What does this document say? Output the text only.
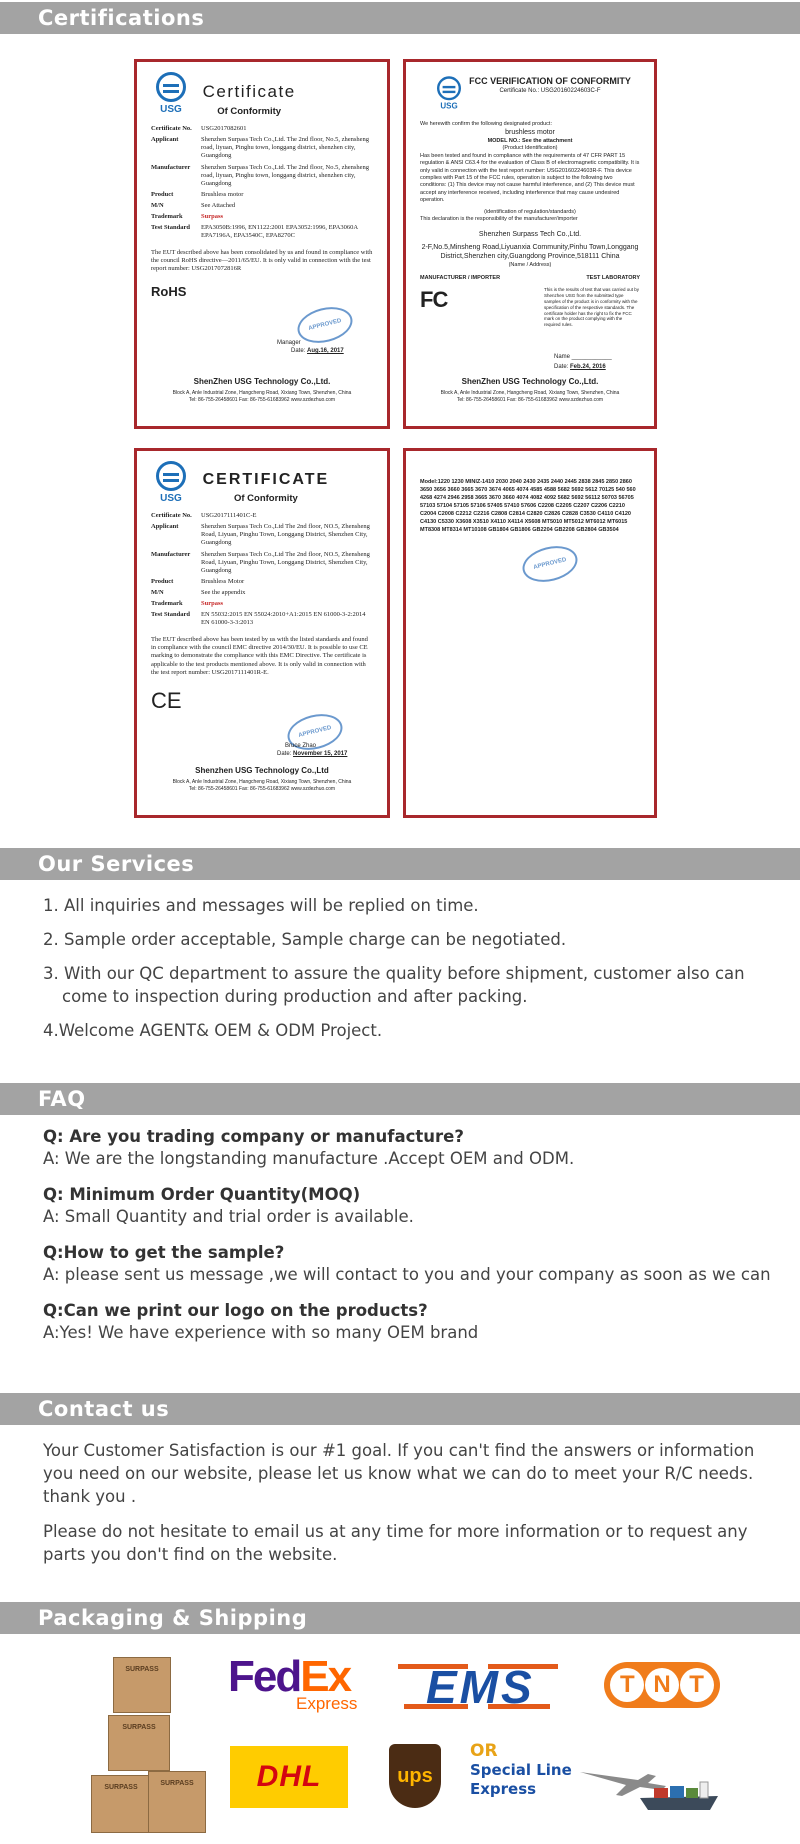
Certifications
USG

Certificate
Of Conformity
Certificate No.	USG2017082601
Applicant	Shenzhen Surpass Tech Co.,Ltd. The 2nd floor, No.5, zhensheng road, liyuan, Pinghu town, longgang district, shenzhen city, Guangdong
Manufacturer	Shenzhen Surpass Tech Co.,Ltd. The 2nd floor, No.5, zhensheng road, liyuan, Pinghu town, longgang district, shenzhen city, Guangdong
Product	Brushless motor
M/N	See Attached
Trademark	Surpass
Test Standard	EPA3050B:1996, EN1122:2001 EPA3052:1996, EPA3060A EPA7196A, EPA3540C, EPA8270C
The EUT described above has been consolidated by us and found in compliance with the council RoHS directive—2011/65/EU. It is only valid in connection with the test report number: USG2017072816R
RoHS
APPROVED
Manager
Date: Aug.16, 2017
ShenZhen USG Technology Co.,Ltd.
Block A, Anle Industrial Zone, Hangcheng Road, Xixiang Town, Shenzhen, China
Tel: 86-755-26458601 Fax: 86-755-61683962 www.szdezhuo.com
USG
FCC VERIFICATION OF CONFORMITY
Certificate No.: USG20160224603C-F
We herewith confirm the following designated product:
brushless motor
MODEL NO.: See the attachment
(Product Identification)
Has been tested and found in compliance with the requirements of 47 CFR PART 15 regulation & ANSI C63.4 for the evaluation of Class B of electromagnetic compatibility. It is only valid in connection with the test report number: USG20160224603R-F. This device complies with Part 15 of the FCC rules, operation is subject to the following two conditions: (1) This device may not cause harmful interference, and (2) This device must accept any interference received, including interference that may cause undesired operation.
(identification of regulation/standards)
This declaration is the responsibility of the manufacturer/importer
Shenzhen Surpass Tech Co.,Ltd.
2-F,No.5,Minsheng Road,Liyuanxia Community,Pinhu Town,Longgang District,Shenzhen city,Guangdong Province,518111 China
(Name / Address)
MANUFACTURER / IMPORTER	TEST LABORATORY
FC	This is the results of test that was carried out by Shenzhen USG from the submitted type samples of the product is in conformity with the specification of the respective standards. The certificate holder has the right to fix the FCC mark on the product complying with the required rules.
Name ____________
Date: Feb.24, 2016
ShenZhen USG Technology Co.,Ltd.
Block A, Anle Industrial Zone, Hangcheng Road, Xixiang Town, Shenzhen, China
Tel: 86-755-26458601 Fax: 86-755-61683962 www.szdezhuo.com
USG

CERTIFICATE
Of Conformity
Certificate No.	USG2017111401C-E
Applicant	Shenzhen Surpass Tech Co.,Ltd The 2nd floor, NO.5, Zhensheng Road, Liyuan, Pinghu Town, Longgang District, Shenzhen City, Guangdong
Manufacturer	Shenzhen Surpass Tech Co.,Ltd The 2nd floor, NO.5, Zhensheng Road, Liyuan, Pinghu Town, Longgang District, Shenzhen City, Guangdong
Product	Brushless Motor
M/N	See the appendix
Trademark	Surpass
Test Standard	EN 55032:2015 EN 55024:2010+A1:2015 EN 61000-3-2:2014 EN 61000-3-3:2013
The EUT described above has been tested by us with the listed standards and found in compliance with the council EMC directive 2014/30/EU. It is possible to use CE marking to demonstrate the compliance with this EMC Directive. The certificate is applicable to the test products mentioned above. It is only valid in connection with the test report number: USG2017111401R-E.
CE
APPROVED
Bruce Zhao
Date: November 15, 2017
Shenzhen USG Technology Co.,Ltd
Block A, Anle Industrial Zone, Hangcheng Road, Xixiang Town, Shenzhen, China
Tel: 86-755-26458601 Fax: 86-755-61683962 www.szdezhuo.com
Model:1220 1230 MINIZ-1410 2030 2040 2430 2435 2440 2445 2838 2845 2850 2860 3650 3656 3660 3665 3670 3674 4065 4074 4585 4588 5682 5692 5612 70125 540 560 4268 4274 2946 2958 3665 3670 3660 4074 4082 4092 5682 5692 56112 50703 56705 57103 57104 57105 57106 57405 57410 57606 C2208 C2205 C2207 C2206 C2210 C2004 C2008 C2212 C2216 C2808 C2814 C2820 C2826 C2828 C3530 C4110 C4120 C4130 C5330 X3608 X3510 X4110 X4114 X5608 MT5010 MT5012 MT6012 MT6015 MT8308 MT8314 MT10108 GB1804 GB1806 GB2204 GB2208 GB2804 GB3504
APPROVED
Our Services
1. All inquiries and messages will be replied on time.
2. Sample order acceptable, Sample charge can be negotiated.
3. With our QC department to assure the quality before shipment, customer also can
come to inspection during production and after packing.
4.Welcome AGENT& OEM & ODM Project.
FAQ
Q: Are you trading company or manufacture?
A: We are the longstanding manufacture .Accept OEM and ODM.
Q: Minimum Order Quantity(MOQ)
A: Small Quantity and trial order is available.
Q:How to get the sample?
A: please sent us message ,we will contact to you and your company as soon as we can
Q:Can we print our logo on the products?
A:Yes! We have experience with so many OEM brand
Contact us

Your Customer Satisfaction is our #1 goal. If you can't find the answers or information you need on our website, please let us know what we can do to meet your R/C needs. thank you .

Please do not hesitate to email us at any time for more information or to request any parts you don't find on the website.

Packaging & Shipping
SURPASS
SURPASS
SURPASS
SURPASS
FedEx
Express EMS	T N T
DHL	ups
OR
Special Line
Express
